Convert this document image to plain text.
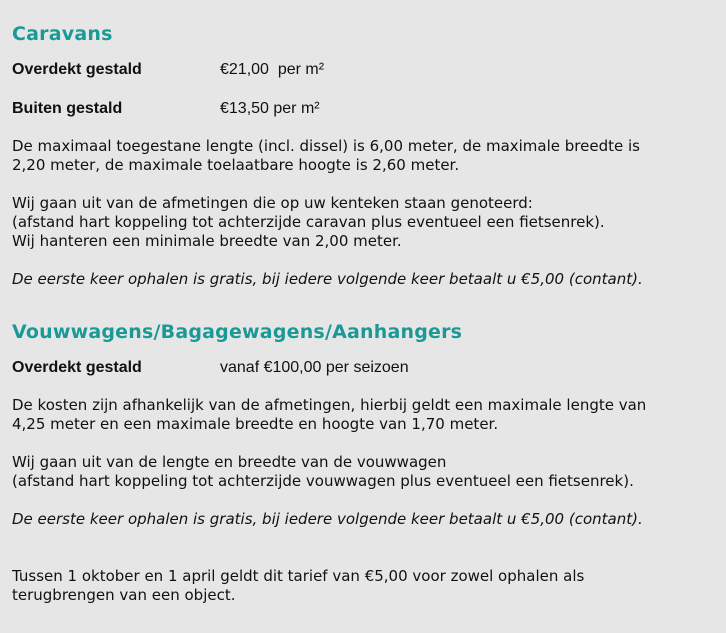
Caravans
Overdekt gestald	€21,00  per m²
Buiten gestald	€13,50 per m²

De maximaal toegestane lengte (incl. dissel) is 6,00 meter, de maximale breedte is

2,20 meter, de maximale toelaatbare hoogte is 2,60 meter.

Wij gaan uit van de afmetingen die op uw kenteken staan genoteerd:

(afstand hart koppeling tot achterzijde caravan plus eventueel een fietsenrek).

Wij hanteren een minimale breedte van 2,00 meter.

De eerste keer ophalen is gratis, bij iedere volgende keer betaalt u €5,00 (contant).

Vouwwagens/Bagagewagens/Aanhangers
Overdekt gestald	vanaf €100,00 per seizoen

De kosten zijn afhankelijk van de afmetingen, hierbij geldt een maximale lengte van

4,25 meter en een maximale breedte en hoogte van 1,70 meter.

Wij gaan uit van de lengte en breedte van de vouwwagen

(afstand hart koppeling tot achterzijde vouwwagen plus eventueel een fietsenrek).

De eerste keer ophalen is gratis, bij iedere volgende keer betaalt u €5,00 (contant).

Tussen 1 oktober en 1 april geldt dit tarief van €5,00 voor zowel ophalen als

terugbrengen van een object.
